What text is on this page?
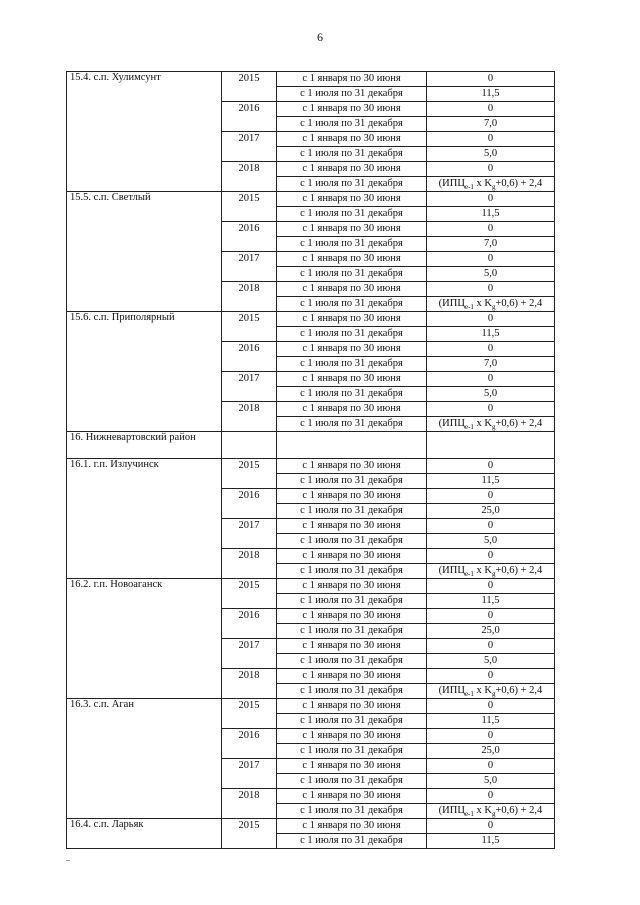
6
15.4. с.п. Хулимсунт	2015	с 1 января по 30 июня	0
		с 1 июля по 31 декабря	11,5
	2016	с 1 января по 30 июня	0
		с 1 июля по 31 декабря	7,0
	2017	с 1 января по 30 июня	0
		с 1 июля по 31 декабря	5,0
	2018	с 1 января по 30 июня	0
		с 1 июля по 31 декабря	($ИПЦ_{e-1}$ x $K_g+0,6) + 2,4$
15.5. с.п. Светлый	2015	с 1 января по 30 июня	0
		с 1 июля по 31 декабря	11,5
	2016	с 1 января по 30 июня	0
		с 1 июля по 31 декабря	7,0
	2017	с 1 января по 30 июня	0
		с 1 июля по 31 декабря	5,0
	2018	с 1 января по 30 июня	0
		с 1 июля по 31 декабря	($ИПЦ_{e-1}$ x $K_g+0,6) + 2,4$
15.6. с.п. Приполярный	2015	с 1 января по 30 июня	0
		с 1 июля по 31 декабря	11,5
	2016	с 1 января по 30 июня	0
		с 1 июля по 31 декабря	7,0
	2017	с 1 января по 30 июня	0
		с 1 июля по 31 декабря	5,0
	2018	с 1 января по 30 июня	0
		с 1 июля по 31 декабря	($ИПЦ_{e-1}$ x $K_g+0,6) + 2,4$
16. Нижневартовский район			
16.1. г.п. Излучинск	2015	с 1 января по 30 июня	0
		с 1 июля по 31 декабря	11,5
	2016	с 1 января по 30 июня	0
		с 1 июля по 31 декабря	25,0
	2017	с 1 января по 30 июня	0
		с 1 июля по 31 декабря	5,0
	2018	с 1 января по 30 июня	0
		с 1 июля по 31 декабря	($ИПЦ_{e-1}$ x $K_g+0,6) + 2,4$
16.2. г.п. Новоаганск	2015	с 1 января по 30 июня	0
		с 1 июля по 31 декабря	11,5
	2016	с 1 января по 30 июня	0
		с 1 июля по 31 декабря	25,0
	2017	с 1 января по 30 июня	0
		с 1 июля по 31 декабря	5,0
	2018	с 1 января по 30 июня	0
		с 1 июля по 31 декабря	($ИПЦ_{e-1}$ x $K_g+0,6) + 2,4$
16.3. с.п. Аган	2015	с 1 января по 30 июня	0
		с 1 июля по 31 декабря	11,5
	2016	с 1 января по 30 июня	0
		с 1 июля по 31 декабря	25,0
	2017	с 1 января по 30 июня	0
		с 1 июля по 31 декабря	5,0
	2018	с 1 января по 30 июня	0
		с 1 июля по 31 декабря	($ИПЦ_{e-1}$ x $K_g+0,6) + 2,4$
16.4. с.п. Ларьяк	2015	с 1 января по 30 июня	0
		с 1 июля по 31 декабря	11,5
